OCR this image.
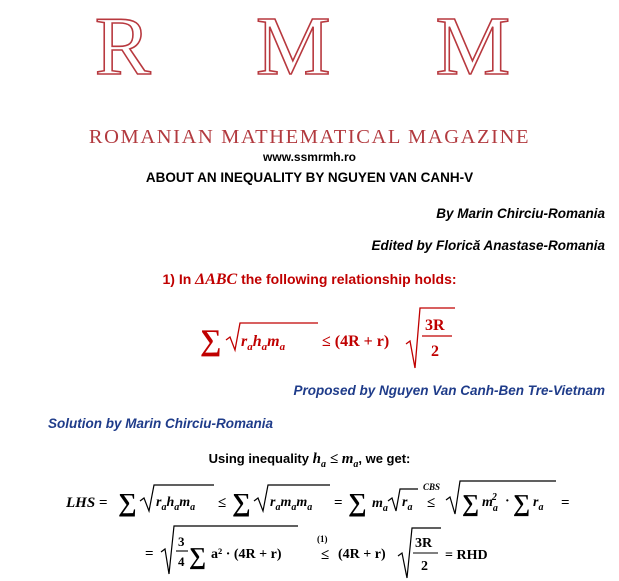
R M M
ROMANIAN MATHEMATICAL MAGAZINE
www.ssmrmh.ro
ABOUT AN INEQUALITY BY NGUYEN VAN CANH-V
By Marin Chirciu-Romania
Edited by Florică Anastase-Romania
1) In ΔABC the following relationship holds:
∑ $r_ah_am_a \le (4R + r)$
3R
2
Proposed by Nguyen Van Canh-Ben Tre-Vietnam
Solution by Marin Chirciu-Romania
Using inequality $h_a \le m_a$, we get:
LHS = ∑ $r_ah_am_a$ ≤ ∑ $r_am_am_a$ = ∑ $m_a$ $r_a$
CBS
≤ ∑ $m_a2$ · ∑ $r_a$ =
=
3
4 ∑ a² · (4R + r)
(1)
≤ (4R + r)
3R
2
= RHD
